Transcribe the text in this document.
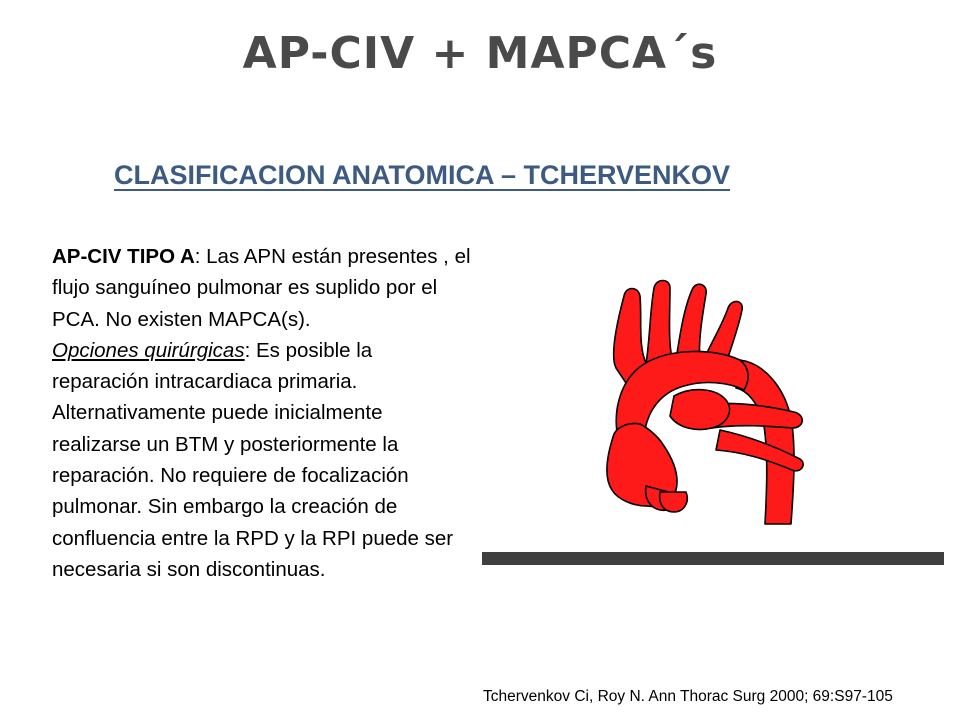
AP-CIV + MAPCA´s
CLASIFICACION ANATOMICA – TCHERVENKOV

AP-CIV TIPO A: Las APN están presentes , el flujo sanguíneo pulmonar es suplido por el PCA. No existen MAPCA(s).
Opciones quirúrgicas: Es posible la reparación intracardiaca primaria. Alternativamente puede inicialmente realizarse un BTM y posteriormente la reparación. No requiere de focalización pulmonar. Sin embargo la creación de confluencia entre la RPD y la RPI puede ser necesaria si son discontinuas.

Tchervenkov Ci, Roy N. Ann Thorac Surg 2000; 69:S97-105
